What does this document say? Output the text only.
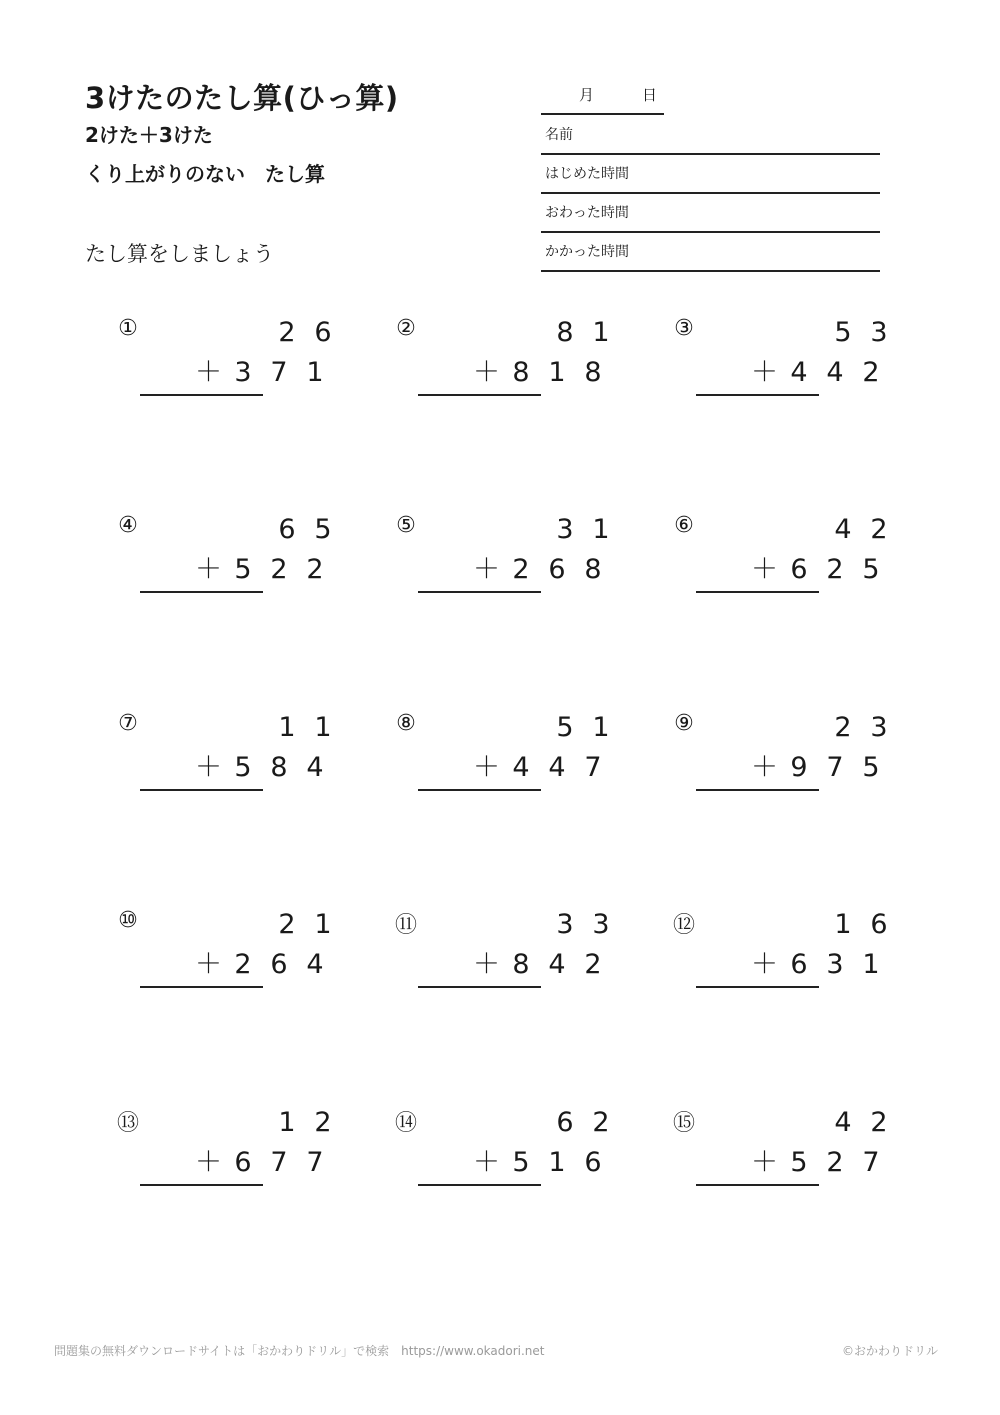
3けたのたし算(ひっ算)
2けた＋3けた
くり上がりのない　たし算
たし算をしましょう
月	日
名前
はじめた時間
おわった時間
かかった時間
①	2 6
＋ 3 7 1
②	8 1
＋ 8 1 8
③	5 3
＋ 4 4 2
④	6 5
＋ 5 2 2
⑤	3 1
＋ 2 6 8
⑥	4 2
＋ 6 2 5
⑦	1 1
＋ 5 8 4
⑧	5 1
＋ 4 4 7
⑨	2 3
＋ 9 7 5
⑩	2 1
＋ 2 6 4
⑪	3 3
＋ 8 4 2
⑫	1 6
＋ 6 3 1
⑬	1 2
＋ 6 7 7
⑭	6 2
＋ 5 1 6
⑮	4 2
＋ 5 2 7
問題集の無料ダウンロードサイトは「おかわりドリル」で検索　https://www.okadori.net	©おかわりドリル
